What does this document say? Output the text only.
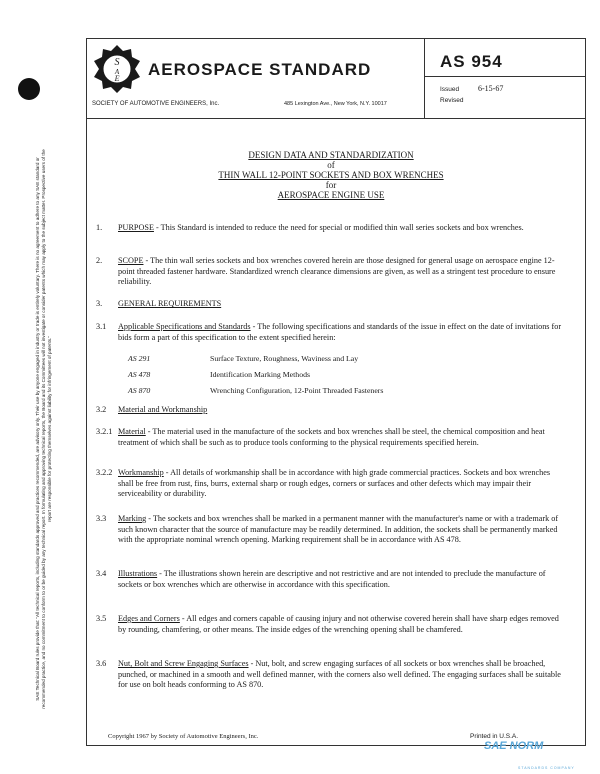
S
A
E AEROSPACE STANDARD	AS 954
Issued 6-15-67
Revised
SOCIETY OF AUTOMOTIVE ENGINEERS, Inc.	485 Lexington Ave., New York, N.Y. 10017
SAE Technical Board rules provide that: "All technical reports, including standards approved and practices recommended, are advisory only. Their use by anyone engaged in industry or trade is entirely voluntary. There is no agreement to adhere to any SAE standard or recommended practice, and no commitment to conform to or be guided by any technical report. In formulating and approving technical reports, the Board and its Committees will not investigate or consider patents which may apply to the subject matter. Prospective users of the report are responsible for protecting themselves against liability for infringement of patents."
DESIGN DATA AND STANDARDIZATION
of
THIN WALL 12-POINT SOCKETS AND BOX WRENCHES
for
AEROSPACE ENGINE USE
1. PURPOSE - This Standard is intended to reduce the need for special or modified thin wall series sockets and box wrenches.
2. SCOPE - The thin wall series sockets and box wrenches covered herein are those designed for general usage on aerospace engine 12-point threaded fastener hardware. Standardized wrench clearance dimensions are given, as well as a stringent test procedure to ensure reliability.
3. GENERAL REQUIREMENTS
3.1 Applicable Specifications and Standards - The following specifications and standards of the issue in effect on the date of invitations for bids form a part of this specification to the extent specified herein:
AS 291	Surface Texture, Roughness, Waviness and Lay
AS 478	Identification Marking Methods
AS 870	Wrenching Configuration, 12-Point Threaded Fasteners
3.2 Material and Workmanship
3.2.1 Material - The material used in the manufacture of the sockets and box wrenches shall be steel, the chemical composition and heat treatment of which shall be such as to produce tools conforming to the physical requirements specified herein.
3.2.2 Workmanship - All details of workmanship shall be in accordance with high grade commercial practices. Sockets and box wrenches shall be free from rust, fins, burrs, external sharp or rough edges, corners or surfaces and other defects which may impair their serviceability or durability.
3.3 Marking - The sockets and box wrenches shall be marked in a permanent manner with the manufacturer's name or with a trademark of such known character that the source of manufacture may be readily determined. In addition, the sockets shall be permanently marked with the appropriate nominal wrench opening. Marking requirement shall be in accordance with AS 478.
3.4 Illustrations - The illustrations shown herein are descriptive and not restrictive and are not intended to preclude the manufacture of sockets or box wrenches which are otherwise in accordance with this specification.
3.5 Edges and Corners - All edges and corners capable of causing injury and not otherwise covered herein shall have sharp edges removed by rounding, chamfering, or other means. The inside edges of the wrenching opening shall be chamfered.
3.6 Nut, Bolt and Screw Engaging Surfaces - Nut, bolt, and screw engaging surfaces of all sockets or box wrenches shall be broached, punched, or machined in a smooth and well defined manner, with the corners also well defined. The engaging surfaces shall be suitable for use on bolt heads conforming to AS 870.
Copyright 1967 by Society of Automotive Engineers, Inc.	Printed in U.S.A.
SAE NORM
STANDARDS COMPANY
